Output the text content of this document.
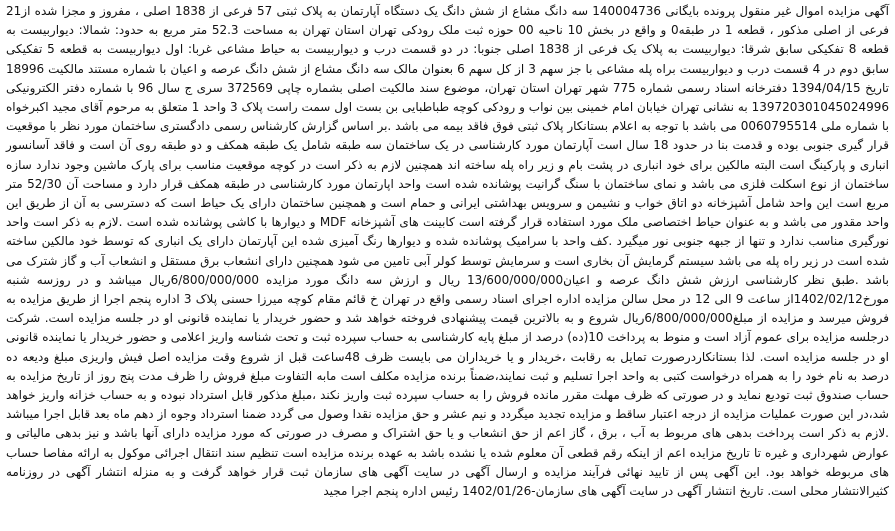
آگهی مزایده اموال غیر منقول پرونده بایگانی 140004736 سه دانگ مشاع از شش دانگ یک دستگاه آپارتمان به پلاک ثبتی 57 فرعی از 1838 اصلی ، مفروز و مجزا شده از21 فرعی از اصلی مذکور ، قطعه 1 در طبقه0 و واقع در بخش 10 ناحیه 00 حوزه ثبت ملک رودکی تهران استان تهران به مساحت 52.3 متر مربع به حدود: شمالا: دیواربیست به قطعه 8 تفکیکی سابق شرقا: دیواربیست به پلاک یک فرعی از 1838 اصلی جنوبا: در دو قسمت درب و دیواربیست به حیاط مشاعی غربا: اول دیواربیست به قطعه 5 تفکیکی سابق دوم در 4 قسمت درب و دیواربیست براه پله مشاعی با جز سهم 3 از کل سهم 6 بعنوان مالک سه دانگ مشاع از شش دانگ عرصه و اعیان با شماره مستند مالکیت 18996 تاریخ 1394/04/15 دفترخانه اسناد رسمی شماره 775 شهر تهران استان تهران، موضوع سند مالکیت اصلی بشماره چاپی 372569 سری ج سال 96 با شماره دفتر الکترونیکی 139720301045024996 به نشانی تهران خیابان امام خمینی بین نواب و رودکی کوچه طباطبایی بن بست اول سمت راست پلاک 3 واحد 1 متعلق به مرحوم آقای مجید اکبرخواه با شماره ملی 0060795514 می باشد با توجه به اعلام بستانکار پلاک ثبتی فوق فاقد بیمه می باشد .بر اساس گزارش کارشناس رسمی دادگستری ساختمان مورد نظر با موقعیت قرار گیری جنوبی بوده و قدمت بنا در حدود 18 سال است آپارتمان مورد کارشناسی در یک ساختمان سه طبقه شامل یک طبقه همکف و دو طبقه روی آن است و فاقد آسانسور انباری و پارکینگ است البته مالکین برای خود انباری در پشت بام و زیر راه پله ساخته اند همچنین لازم به ذکر است در کوچه موقعیت مناسب برای پارک ماشین وجود ندارد سازه ساختمان از نوع اسکلت فلزی می باشد و نمای ساختمان با سنگ گرانیت پوشانده شده است واحد اپارتمان مورد کارشناسی در طبقه همکف قرار دارد و مساحت آن 52/30 متر مربع است این واحد شامل آشپزخانه دو اتاق خواب و نشیمن و سرویس بهداشتی ایرانی و حمام است و همچنین ساختمان دارای یک حیاط است که دسترسی به آن از طریق این واحد مقدور می باشد و به عنوان حیاط اختصاصی ملک مورد استفاده قرار گرفته است کابینت های آشپزخانه MDF و دیوارها با کاشی پوشانده شده است .لازم به ذکر است واحد نورگیری مناسب ندارد و تنها از جبهه جنوبی نور میگیرد .کف واحد با سرامیک پوشانده شده و دیوارها رنگ آمیزی شده این آپارتمان دارای یک انباری که توسط خود مالکین ساخته شده است در زیر راه پله می باشد سیستم گرمایش آن بخاری است و سرمایش توسط کولر آبی تامین می شود همچنین دارای انشعاب برق مستقل و انشعاب آب و گاز شترک می باشد .طبق نظر کارشناسی ارزش شش دانگ عرصه و اعیان13/600/000/000 ریال و ارزش سه دانگ مورد مزایده 6/800/000/000ریال میباشد و در روزسه شنبه مورخ1402/02/12از ساعت 9 الی 12 در محل سالن مزایده اداره اجرای اسناد رسمی واقع در تهران خ قائم مقام کوچه میرزا حسنی پلاک 3 اداره پنجم اجرا از طریق مزایده به فروش میرسد و مزایده از مبلغ6/800/000/000ریال شروع و به بالاترین قیمت پیشنهادی فروخته خواهد شد و حضور خریدار یا نماینده قانونی او در جلسه مزایده است. شرکت درجلسه مزایده برای عموم آزاد است و منوط به پرداخت 10(ده) درصد از مبلغ پایه کارشناسی به حساب سپرده ثبت و تحت شناسه واریز اعلامی و حضور خریدار یا نماینده قانونی او در جلسه مزایده است. لذا بستانکاردرصورت تمایل به رقابت ،خریدار و یا خریداران می بایست ظرف 48ساعت قبل از شروع وقت مزایده اصل فیش واریزی مبلغ ودیعه ده درصد به نام خود را به همراه درخواست کتبی به واحد اجرا تسلیم و ثبت نمایند،ضمناً برنده مزایده مکلف است مابه التفاوت مبلغ فروش را ظرف مدت پنج روز از تاریخ مزایده به حساب صندوق ثبت تودیع نماید و در صورتی که ظرف مهلت مقرر مانده فروش را به حساب سپرده ثبت واریز نکند ،مبلغ مذکور قابل استرداد نبوده و به حساب خزانه واریز خواهد شد،در این صورت عملیات مزایده از درجه اعتبار ساقط و مزایده تجدید میگردد و نیم عشر و حق مزایده نقدا وصول می گردد ضمنا استرداد وجوه از دهم ماه بعد قابل اجرا میباشد .لازم به ذکر است پرداخت بدهی های مربوط به آب ، برق ، گاز اعم از حق انشعاب و یا حق اشتراک و مصرف در صورتی که مورد مزایده دارای آنها باشد و نیز بدهی مالیاتی و عوارض شهرداری و غیره تا تاریخ مزایده اعم از اینکه رقم قطعی آن معلوم شده یا نشده باشد به عهده برنده مزایده است تنظیم سند انتقال اجرائی موکول به ارائه مفاصا حساب های مربوطه خواهد بود. این آگهی پس از تایید نهائی فرآیند مزایده و ارسال آگهی در سایت آگهی های سازمان ثبت قرار خواهد گرفت و به منزله انتشار آگهی در روزنامه کثیرالانتشار محلی است. تاریخ انتشار آگهی در سایت آگهی های سازمان-1402/01/26 رئیس اداره پنجم اجرا مجید
